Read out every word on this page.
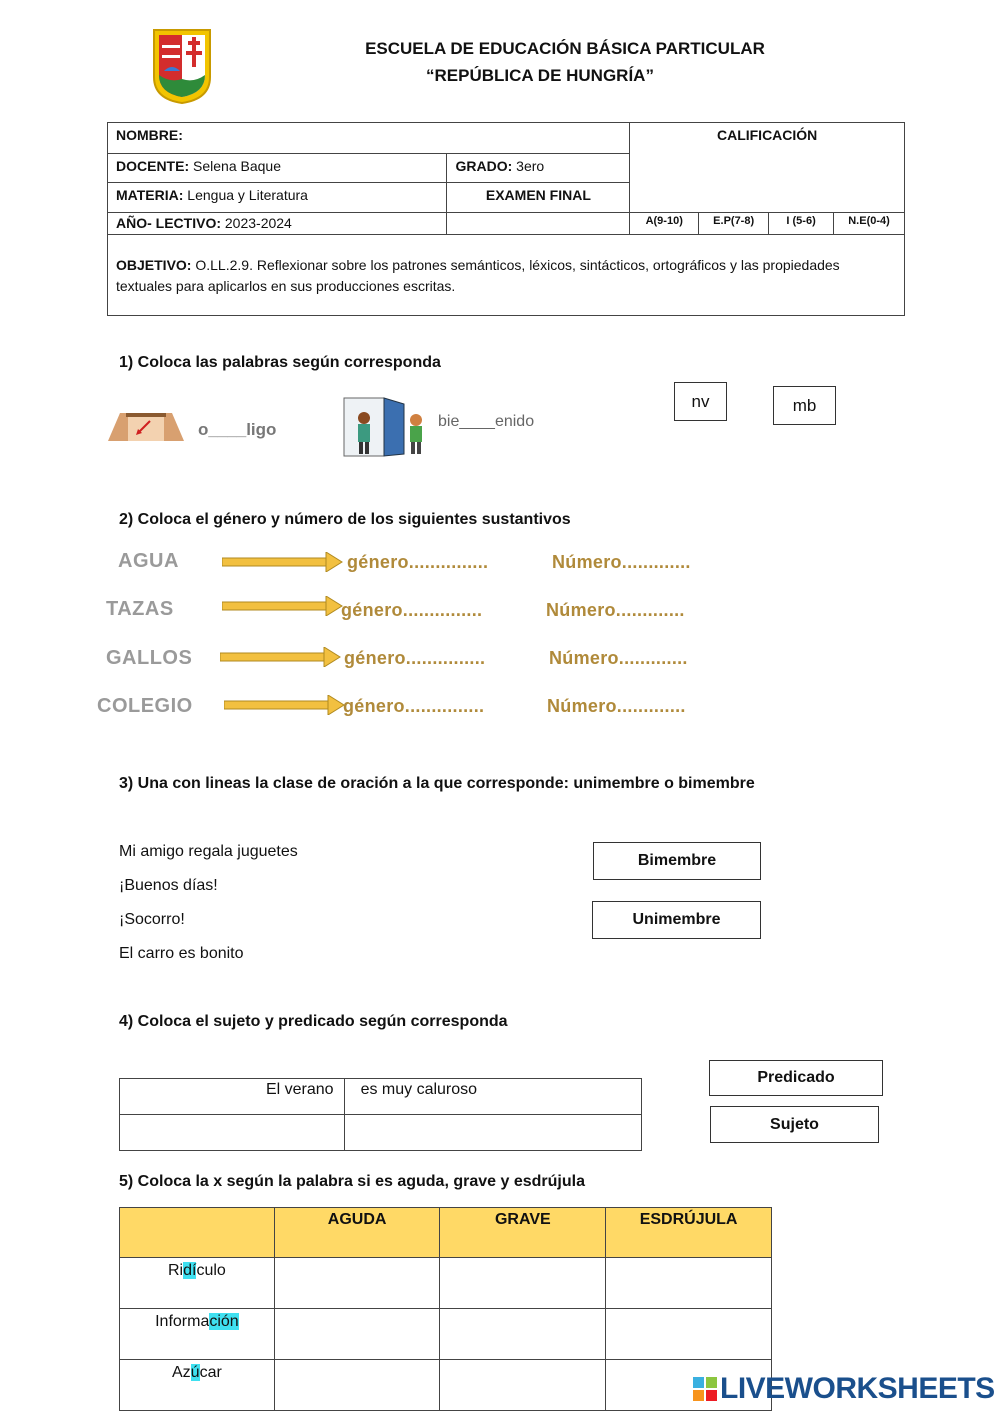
ESCUELA DE EDUCACIÓN BÁSICA PARTICULAR
“REPÚBLICA DE HUNGRÍA”
NOMBRE:		CALIFICACIÓN			
DOCENTE: Selena Baque	GRADO: 3ero				
MATERIA: Lengua y Literatura	EXAMEN FINAL				
AÑO- LECTIVO: 2023-2024		A(9-10)	E.P(7-8)	I (5-6)	N.E(0-4)
OBJETIVO: O.LL.2.9. Reflexionar sobre los patrones semánticos, léxicos, sintácticos, ortográficos y las propiedades textuales para aplicarlos en sus producciones escritas.					
1) Coloca las palabras según corresponda
o____ligo	bie____enido
nv	mb
2) Coloca el género y número de los siguientes sustantivos
AGUA	género...............	Número.............
TAZAS	género...............	Número.............
GALLOS	género...............	Número.............
COLEGIO	género...............	Número.............
3) Una con lineas la clase de oración a la que corresponde: unimembre o bimembre
Mi amigo regala juguetes
¡Buenos días!
¡Socorro!
El carro es bonito
Bimembre
Unimembre
4) Coloca el sujeto y predicado según corresponda
El verano	es muy caluroso

Predicado
Sujeto
5) Coloca la x según la palabra si es aguda, grave y esdrújula
	AGUDA	GRAVE	ESDRÚJULA
Ridículo			
Información			
Azúcar				LIVEWORKSHEETS
